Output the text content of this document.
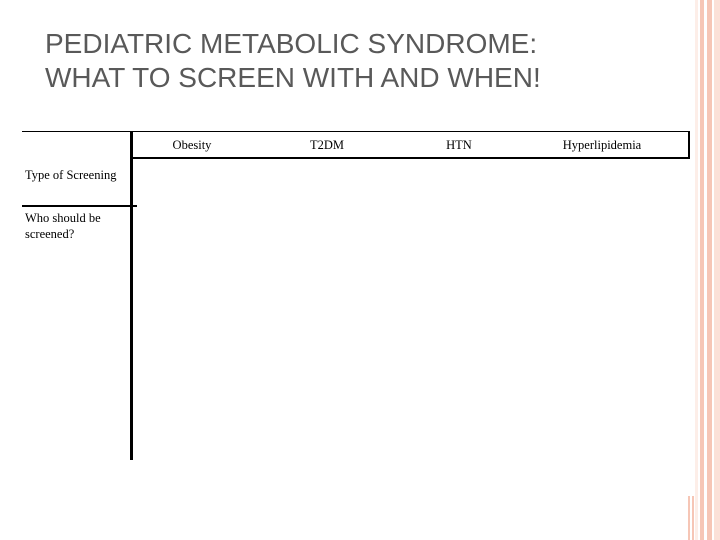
PEDIATRIC METABOLIC SYNDROME:
WHAT TO SCREEN WITH AND WHEN!
Obesity	T2DM	HTN	Hyperlipidemia
Type of Screening
Who should be screened?
